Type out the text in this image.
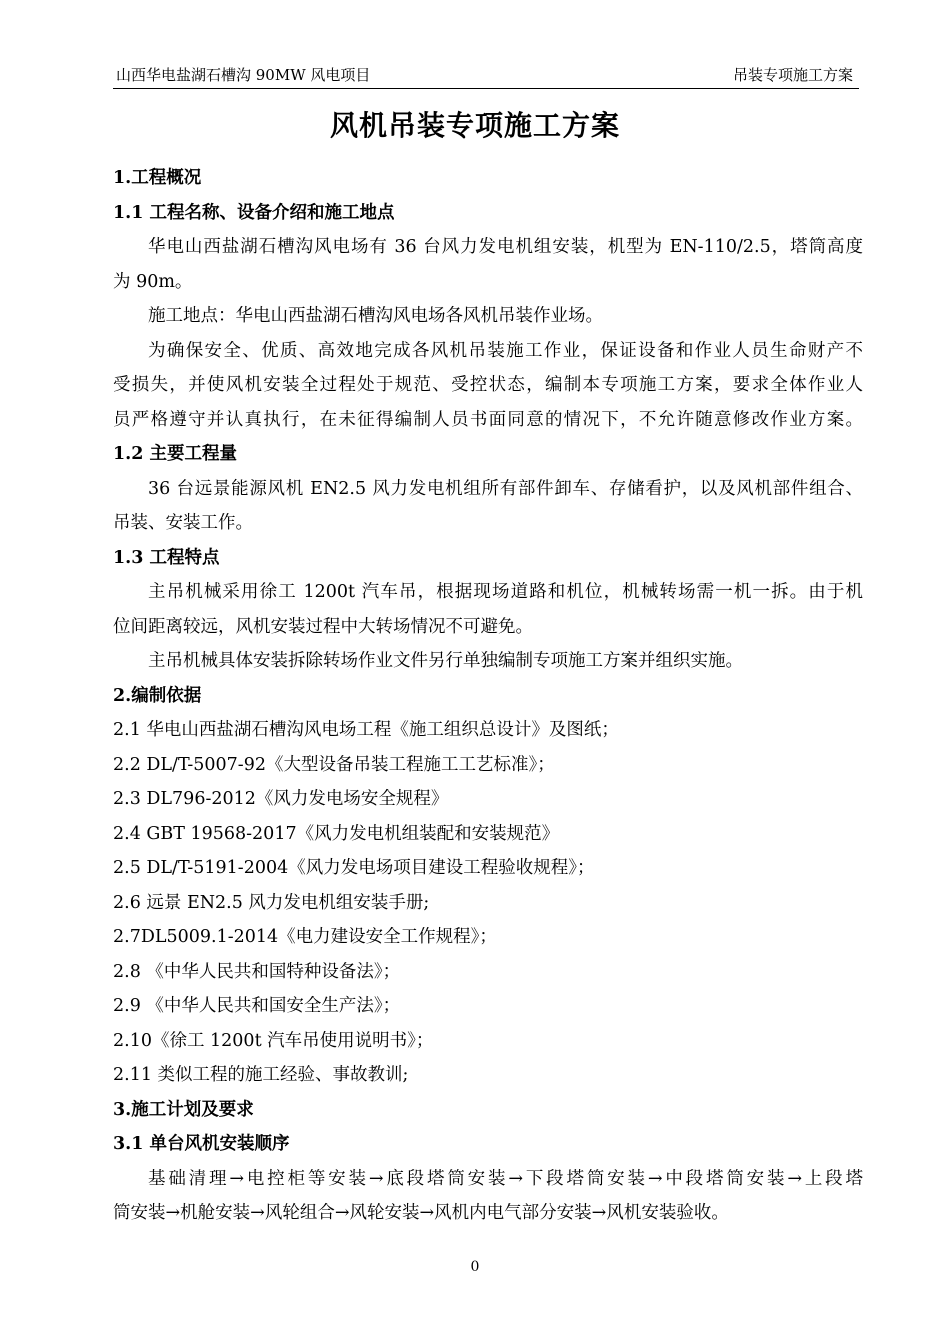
山西华电盐湖石槽沟 90MW 风电项目	吊装专项施工方案
风机吊装专项施工方案
1.工程概况
1.1 工程名称、设备介绍和施工地点
华电山西盐湖石槽沟风电场有 36 台风力发电机组安装，机型为 EN-110/2.5，塔筒高度
为 90m。
施工地点：华电山西盐湖石槽沟风电场各风机吊装作业场。
为确保安全、优质、高效地完成各风机吊装施工作业，保证设备和作业人员生命财产不
受损失，并使风机安装全过程处于规范、受控状态，编制本专项施工方案，要求全体作业人
员严格遵守并认真执行，在未征得编制人员书面同意的情况下，不允许随意修改作业方案。
1.2 主要工程量
36 台远景能源风机 EN2.5 风力发电机组所有部件卸车、存储看护，以及风机部件组合、
吊装、安装工作。
1.3 工程特点
主吊机械采用徐工 1200t 汽车吊，根据现场道路和机位，机械转场需一机一拆。由于机
位间距离较远，风机安装过程中大转场情况不可避免。
主吊机械具体安装拆除转场作业文件另行单独编制专项施工方案并组织实施。
2.编制依据
2.1 华电山西盐湖石槽沟风电场工程《施工组织总设计》及图纸；
2.2 DL/T-5007-92《大型设备吊装工程施工工艺标准》；
2.3 DL796-2012《风力发电场安全规程》
2.4 GBT 19568-2017《风力发电机组装配和安装规范》
2.5 DL/T-5191-2004《风力发电场项目建设工程验收规程》；
2.6 远景 EN2.5 风力发电机组安装手册;
2.7DL5009.1-2014《电力建设安全工作规程》；
2.8 《中华人民共和国特种设备法》；
2.9 《中华人民共和国安全生产法》；
2.10《徐工 1200t 汽车吊使用说明书》；
2.11 类似工程的施工经验、事故教训;
3.施工计划及要求
3.1 单台风机安装顺序
基础清理→电控柜等安装→底段塔筒安装→下段塔筒安装→中段塔筒安装→上段塔
筒安装→机舱安装→风轮组合→风轮安装→风机内电气部分安装→风机安装验收。
0
